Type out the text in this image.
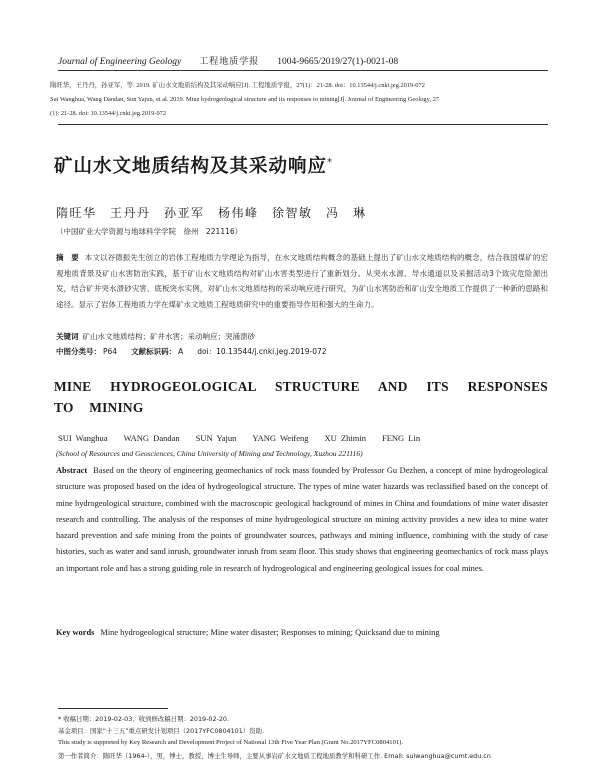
Journal of Engineering Geology 工程地质学报 1004-9665/2019/27(1)-0021-08
隋旺华，王丹丹，孙亚军，等. 2019. 矿山水文地质结构及其采动响应[J]. 工程地质学报，27(1)：21-28. doi：10.13544/j.cnki.jeg.2019-072
Sui Wanghua, Wang Dandan, Sun Yajun, et al. 2019. Mine hydrogeological structure and its responses to mining[J]. Journal of Engineering Geology, 27
(1): 21-28. doi: 10.13544/j.cnki.jeg.2019-072
矿山水文地质结构及其采动响应*
隋旺华　王丹丹　孙亚军　杨伟峰　徐智敏　冯　琳
（中国矿业大学资源与地球科学学院　徐州　221116）
摘　要 本文以谷德振先生创立的岩体工程地质力学理论为指导，在水文地质结构概念的基础上提出了矿山水文地质结构的概念，结合我国煤矿的宏观地质背景及矿山水害防治实践，基于矿山水文地质结构对矿山水害类型进行了重新划分。从突水水源、导水通道以及采掘活动3个致灾危险源出发，结合矿井突水溃砂灾害、底板突水实例，对矿山水文地质结构的采动响应进行研究，为矿山水害防治和矿山安全地质工作提供了一种新的思路和途径。显示了岩体工程地质力学在煤矿水文地质工程地质研究中的重要指导作用和强大的生命力。
关键词 矿山水文地质结构；矿井水害；采动响应；突涌溃砂
中图分类号： P64 文献标识码： A doi：10.13544/j.cnki.jeg.2019-072
MINE HYDROGEOLOGICAL STRUCTURE AND ITS RESPONSES TO MINING
SUI Wanghua WANG Dandan SUN Yajun YANG Weifeng XU Zhimin FENG Lin
(School of Resources and Geosciences, China University of Mining and Technology, Xuzhou 221116)
Abstract Based on the theory of engineering geomechanics of rock mass founded by Professor Gu Dezhen, a concept of mine hydrogeological structure was proposed based on the idea of hydrogeological structure. The types of mine water hazards was reclassified based on the concept of mine hydrogeological structure, combined with the macroscopic geological background of mines in China and foundations of mine water disaster research and controlling. The analysis of the responses of mine hydrogeological structure on mining activity provides a new idea to mine water hazard prevention and safe mining from the points of groundwater sources, pathways and mining influence, combining with the study of case histories, such as water and sand inrush, groundwater inrush from seam floor. This study shows that engineering geomechanics of rock mass plays an important role and has a strong guiding role in research of hydrogeological and engineering geological issues for coal mines.
Key words Mine hydrogeological structure; Mine water disaster; Responses to mining; Quicksand due to mining
* 收稿日期：2019-02-03；收到修改稿日期：2019-02-20.
基金项目：国家“十三五”重点研发计划项目（2017YFC0804101）资助.
This study is supported by Key Research and Development Project of National 13th Five Year Plan (Grant No.2017YFC0804101).
第一作者简介：隋旺华（1964-），男，博士，教授，博士生导师，主要从事岩矿水文地质工程地质教学和科研工作. Email: suiwanghua@cumt.edu.cn
